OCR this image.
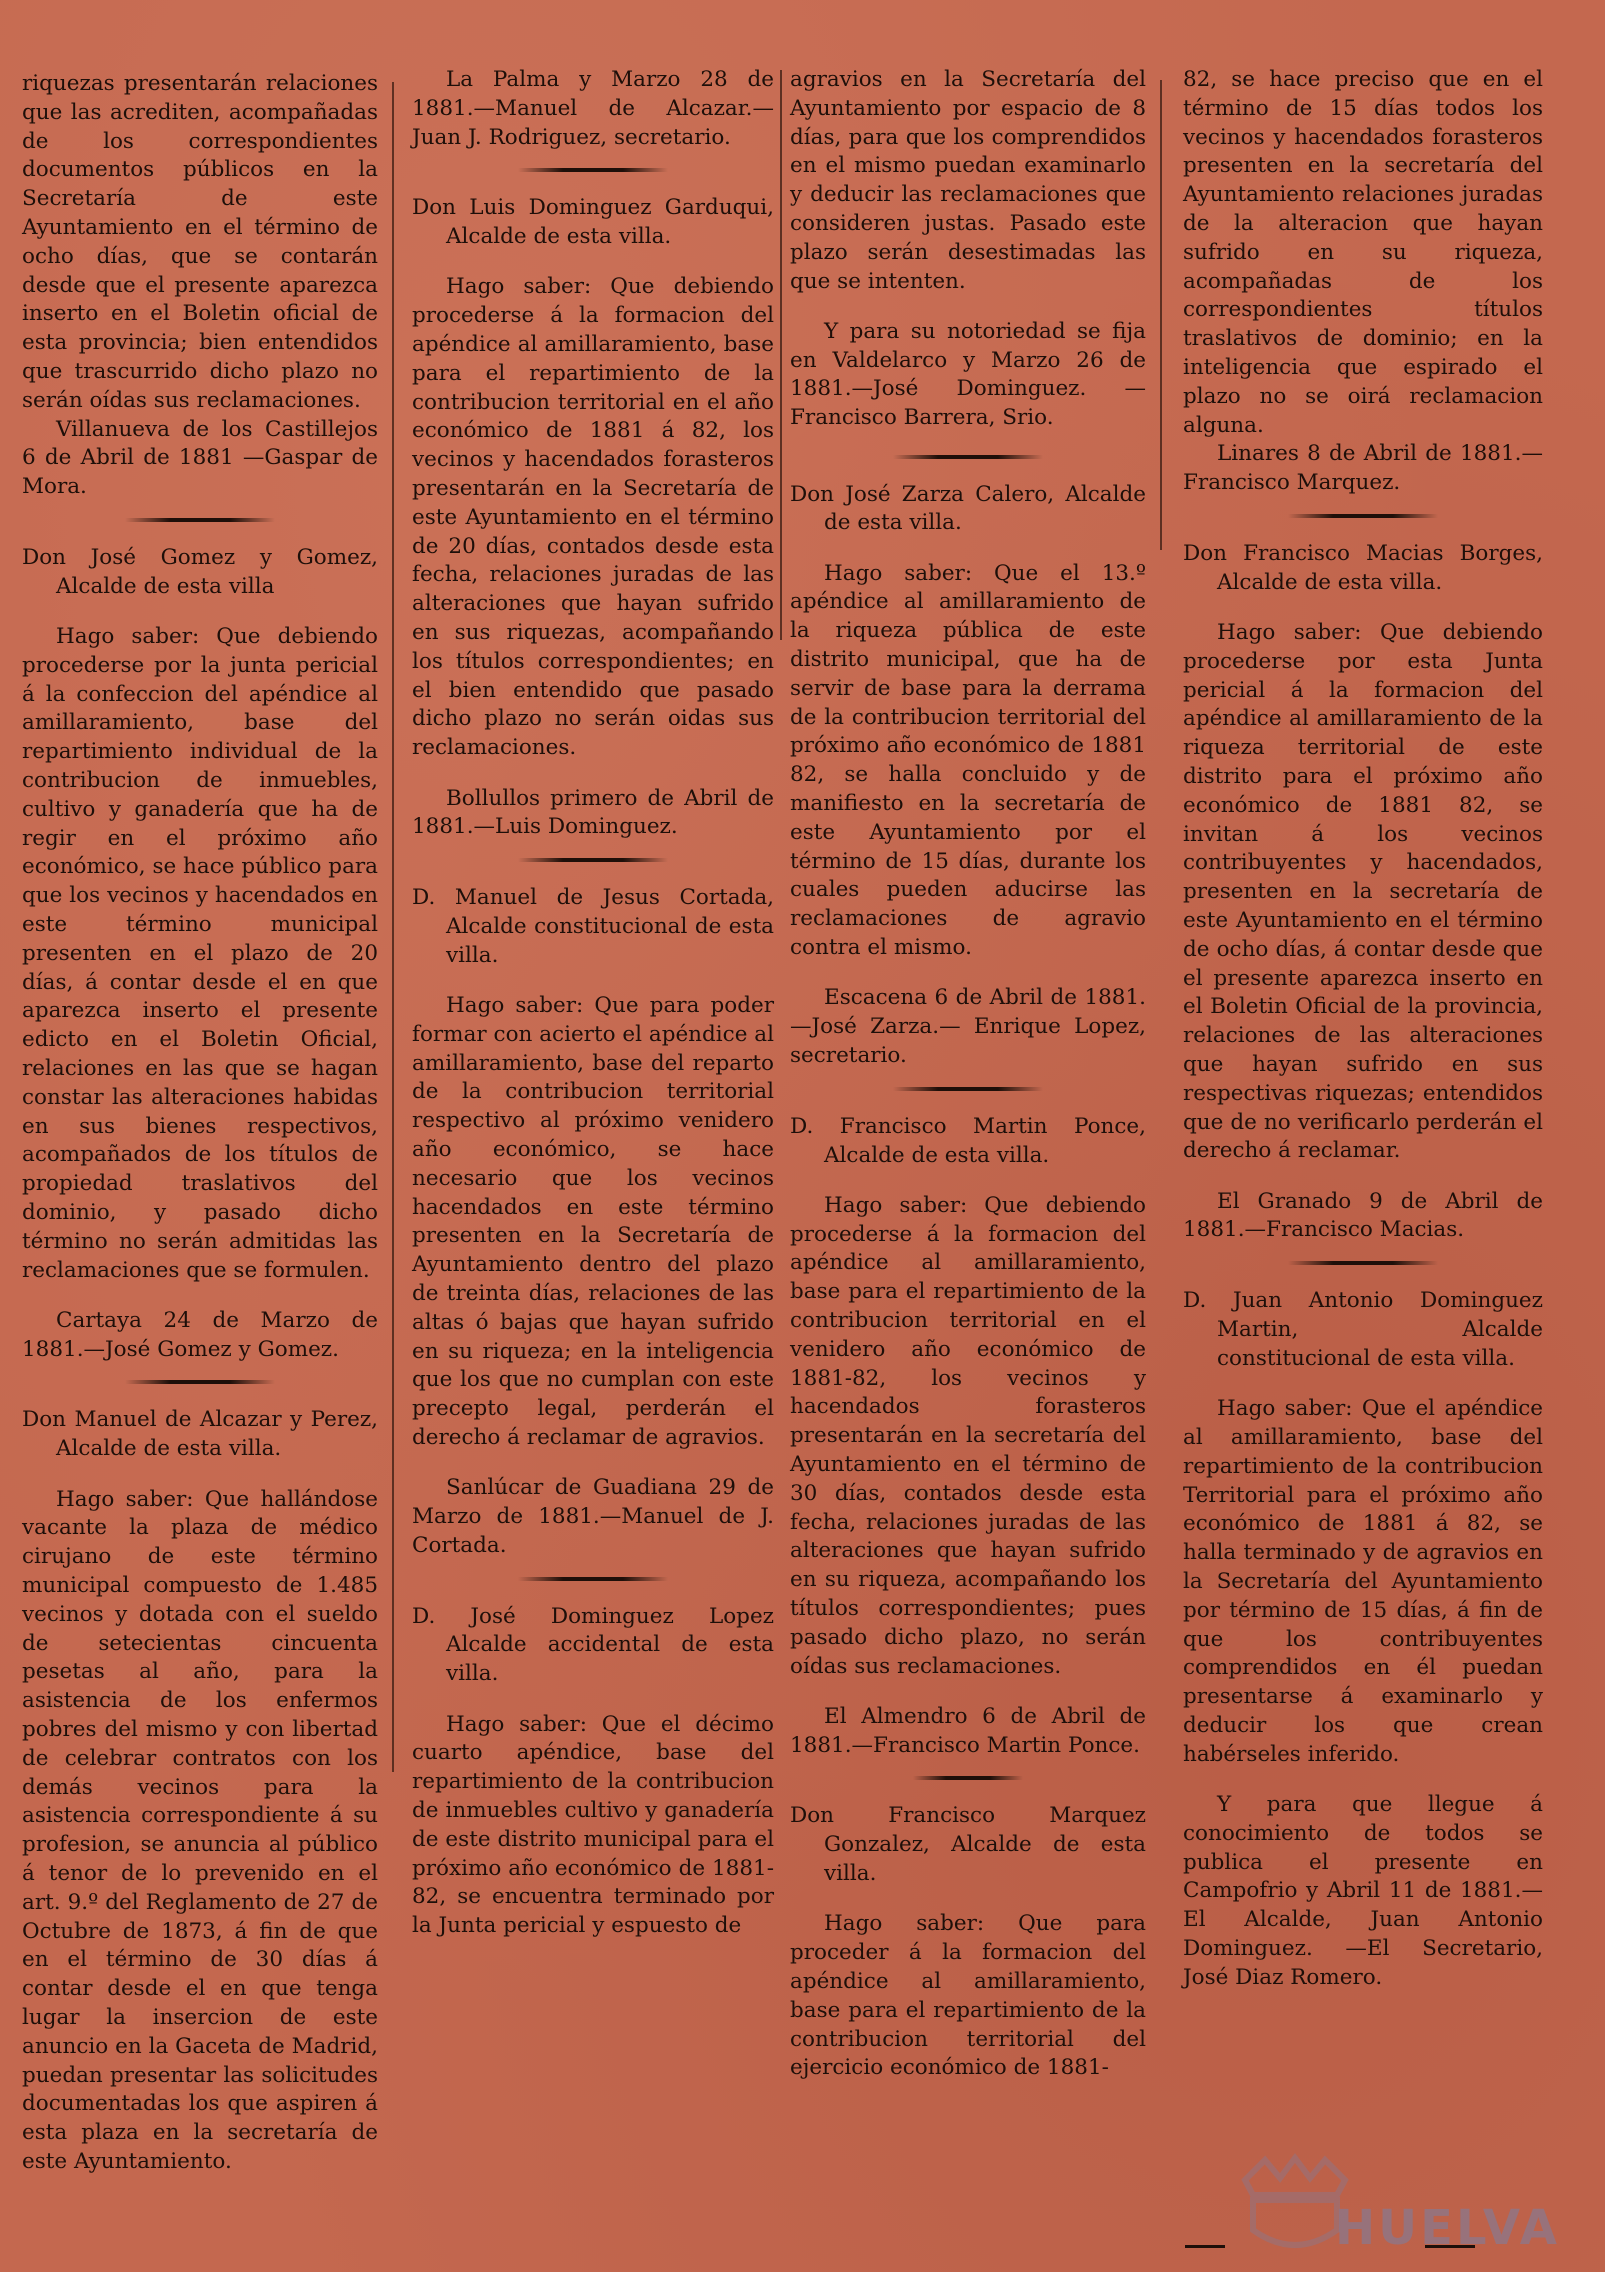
riquezas presentarán relaciones que las acrediten, acompañadas de los correspondientes documentos públicos en la Secretaría de este Ayuntamiento en el término de ocho días, que se contarán desde que el presente aparezca inserto en el Boletin oficial de esta provincia; bien entendidos que trascurrido dicho plazo no serán oídas sus reclamaciones.

Villanueva de los Castillejos 6 de Abril de 1881 —Gaspar de Mora.

Don José Gomez y Gomez, Alcalde de esta villa

Hago saber: Que debiendo procederse por la junta pericial á la confeccion del apéndice al amillaramiento, base del repartimiento individual de la contribucion de inmuebles, cultivo y ganadería que ha de regir en el próximo año económico, se hace público para que los vecinos y hacendados en este término municipal presenten en el plazo de 20 días, á contar desde el en que aparezca inserto el presente edicto en el Boletin Oficial, relaciones en las que se hagan constar las alteraciones habidas en sus bienes respectivos, acompañados de los títulos de propiedad traslativos del dominio, y pasado dicho término no serán admitidas las reclamaciones que se formulen.

Cartaya 24 de Marzo de 1881.—José Gomez y Gomez.

Don Manuel de Alcazar y Perez, Alcalde de esta villa.

Hago saber: Que hallándose vacante la plaza de médico cirujano de este término municipal compuesto de 1.485 vecinos y dotada con el sueldo de setecientas cincuenta pesetas al año, para la asistencia de los enfermos pobres del mismo y con libertad de celebrar contratos con los demás vecinos para la asistencia correspondiente á su profesion, se anuncia al público á tenor de lo prevenido en el art. 9.º del Reglamento de 27 de Octubre de 1873, á fin de que en el término de 30 días á contar desde el en que tenga lugar la insercion de este anuncio en la Gaceta de Madrid, puedan presentar las solicitudes documentadas los que aspiren á esta plaza en la secretaría de este Ayuntamiento.

La Palma y Marzo 28 de 1881.—Manuel de Alcazar.—Juan J. Rodriguez, secretario.

Don Luis Dominguez Garduqui, Alcalde de esta villa.

Hago saber: Que debiendo procederse á la formacion del apéndice al amillaramiento, base para el repartimiento de la contribucion territorial en el año económico de 1881 á 82, los vecinos y hacendados forasteros presentarán en la Secretaría de este Ayuntamiento en el término de 20 días, contados desde esta fecha, relaciones juradas de las alteraciones que hayan sufrido en sus riquezas, acompañando los títulos correspondientes; en el bien entendido que pasado dicho plazo no serán oidas sus reclamaciones.

Bollullos primero de Abril de 1881.—Luis Dominguez.

D. Manuel de Jesus Cortada, Alcalde constitucional de esta villa.

Hago saber: Que para poder formar con acierto el apéndice al amillaramiento, base del reparto de la contribucion territorial respectivo al próximo venidero año económico, se hace necesario que los vecinos hacendados en este término presenten en la Secretaría de Ayuntamiento dentro del plazo de treinta días, relaciones de las altas ó bajas que hayan sufrido en su riqueza; en la inteligencia que los que no cumplan con este precepto legal, perderán el derecho á reclamar de agravios.

Sanlúcar de Guadiana 29 de Marzo de 1881.—Manuel de J. Cortada.

D. José Dominguez Lopez Alcalde accidental de esta villa.

Hago saber: Que el décimo cuarto apéndice, base del repartimiento de la contribucion de inmuebles cultivo y ganadería de este distrito municipal para el próximo año económico de 1881-82, se encuentra terminado por la Junta pericial y espuesto de

agravios en la Secretaría del Ayuntamiento por espacio de 8 días, para que los comprendidos en el mismo puedan examinarlo y deducir las reclamaciones que consideren justas. Pasado este plazo serán desestimadas las que se intenten.

Y para su notoriedad se fija en Valdelarco y Marzo 26 de 1881.—José Dominguez. —Francisco Barrera, Srio.

Don José Zarza Calero, Alcalde de esta villa.

Hago saber: Que el 13.º apéndice al amillaramiento de la riqueza pública de este distrito municipal, que ha de servir de base para la derrama de la contribucion territorial del próximo año económico de 1881 82, se halla concluido y de manifiesto en la secretaría de este Ayuntamiento por el término de 15 días, durante los cuales pueden aducirse las reclamaciones de agravio contra el mismo.

Escacena 6 de Abril de 1881.—José Zarza.— Enrique Lopez, secretario.

D. Francisco Martin Ponce, Alcalde de esta villa.

Hago saber: Que debiendo procederse á la formacion del apéndice al amillaramiento, base para el repartimiento de la contribucion territorial en el venidero año económico de 1881-82, los vecinos y hacendados forasteros presentarán en la secretaría del Ayuntamiento en el término de 30 días, contados desde esta fecha, relaciones juradas de las alteraciones que hayan sufrido en su riqueza, acompañando los títulos correspondientes; pues pasado dicho plazo, no serán oídas sus reclamaciones.

El Almendro 6 de Abril de 1881.—Francisco Martin Ponce.

Don Francisco Marquez Gonzalez, Alcalde de esta villa.

Hago saber: Que para proceder á la formacion del apéndice al amillaramiento, base para el repartimiento de la contribucion territorial del ejercicio económico de 1881-

82, se hace preciso que en el término de 15 días todos los vecinos y hacendados forasteros presenten en la secretaría del Ayuntamiento relaciones juradas de la alteracion que hayan sufrido en su riqueza, acompañadas de los correspondientes títulos traslativos de dominio; en la inteligencia que espirado el plazo no se oirá reclamacion alguna.

Linares 8 de Abril de 1881.—Francisco Marquez.

Don Francisco Macias Borges, Alcalde de esta villa.

Hago saber: Que debiendo procederse por esta Junta pericial á la formacion del apéndice al amillaramiento de la riqueza territorial de este distrito para el próximo año económico de 1881 82, se invitan á los vecinos contribuyentes y hacendados, presenten en la secretaría de este Ayuntamiento en el término de ocho días, á contar desde que el presente aparezca inserto en el Boletin Oficial de la provincia, relaciones de las alteraciones que hayan sufrido en sus respectivas riquezas; entendidos que de no verificarlo perderán el derecho á reclamar.

El Granado 9 de Abril de 1881.—Francisco Macias.

D. Juan Antonio Dominguez Martin, Alcalde constitucional de esta villa.

Hago saber: Que el apéndice al amillaramiento, base del repartimiento de la contribucion Territorial para el próximo año económico de 1881 á 82, se halla terminado y de agravios en la Secretaría del Ayuntamiento por término de 15 días, á fin de que los contribuyentes comprendidos en él puedan presentarse á examinarlo y deducir los que crean habérseles inferido.

Y para que llegue á conocimiento de todos se publica el presente en Campofrio y Abril 11 de 1881.—El Alcalde, Juan Antonio Dominguez. —El Secretario, José Diaz Romero.

HUELVA
